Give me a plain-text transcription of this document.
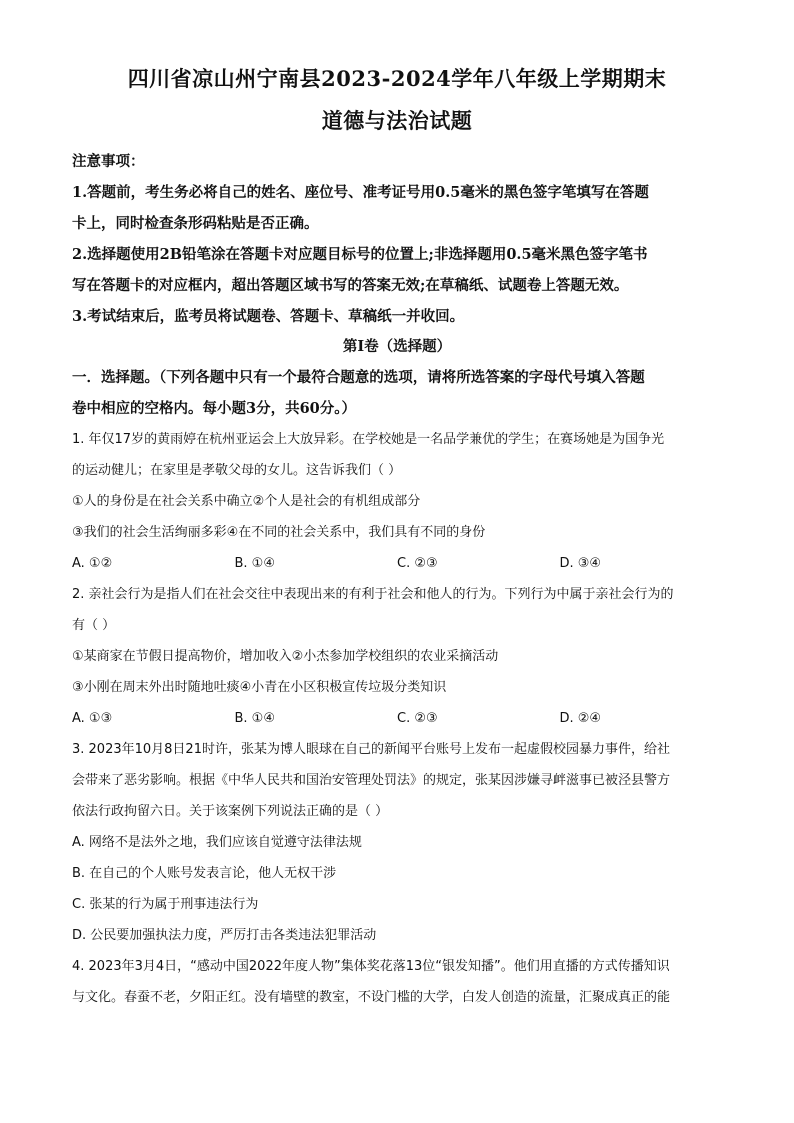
四川省凉山州宁南县2023-2024学年八年级上学期期末
道德与法治试题

注意事项：

1.答题前，考生务必将自己的姓名、座位号、准考证号用0.5毫米的黑色签字笔填写在答题

卡上，同时检查条形码粘贴是否正确。

2.选择题使用2B铅笔涂在答题卡对应题目标号的位置上;非选择题用0.5毫米黑色签字笔书

写在答题卡的对应框内，超出答题区域书写的答案无效;在草稿纸、试题卷上答题无效。

3.考试结束后，监考员将试题卷、答题卡、草稿纸一并收回。

第Ⅰ卷（选择题）

一．选择题。（下列各题中只有一个最符合题意的选项，请将所选答案的字母代号填入答题

卷中相应的空格内。每小题3分，共60分。）

1. 年仅17岁的黄雨婷在杭州亚运会上大放异彩。在学校她是一名品学兼优的学生；在赛场她是为国争光

的运动健儿；在家里是孝敬父母的女儿。这告诉我们（ ）

①人的身份是在社会关系中确立②个人是社会的有机组成部分

③我们的社会生活绚丽多彩④在不同的社会关系中，我们具有不同的身份

A. ①②	B. ①④	C. ②③	D. ③④

2. 亲社会行为是指人们在社会交往中表现出来的有利于社会和他人的行为。下列行为中属于亲社会行为的

有（ ）

①某商家在节假日提高物价，增加收入②小杰参加学校组织的农业采摘活动

③小刚在周末外出时随地吐痰④小青在小区积极宣传垃圾分类知识

A. ①③	B. ①④	C. ②③	D. ②④

3. 2023年10月8日21时许，张某为博人眼球在自己的新闻平台账号上发布一起虚假校园暴力事件，给社

会带来了恶劣影响。根据《中华人民共和国治安管理处罚法》的规定，张某因涉嫌寻衅滋事已被泾县警方

依法行政拘留六日。关于该案例下列说法正确的是（ ）

A. 网络不是法外之地，我们应该自觉遵守法律法规
B. 在自己的个人账号发表言论，他人无权干涉
C. 张某的行为属于刑事违法行为
D. 公民要加强执法力度，严厉打击各类违法犯罪活动

4. 2023年3月4日，“感动中国2022年度人物”集体奖花落13位“银发知播”。他们用直播的方式传播知识

与文化。春蚕不老，夕阳正红。没有墙壁的教室，不设门槛的大学，白发人创造的流量，汇聚成真正的能
